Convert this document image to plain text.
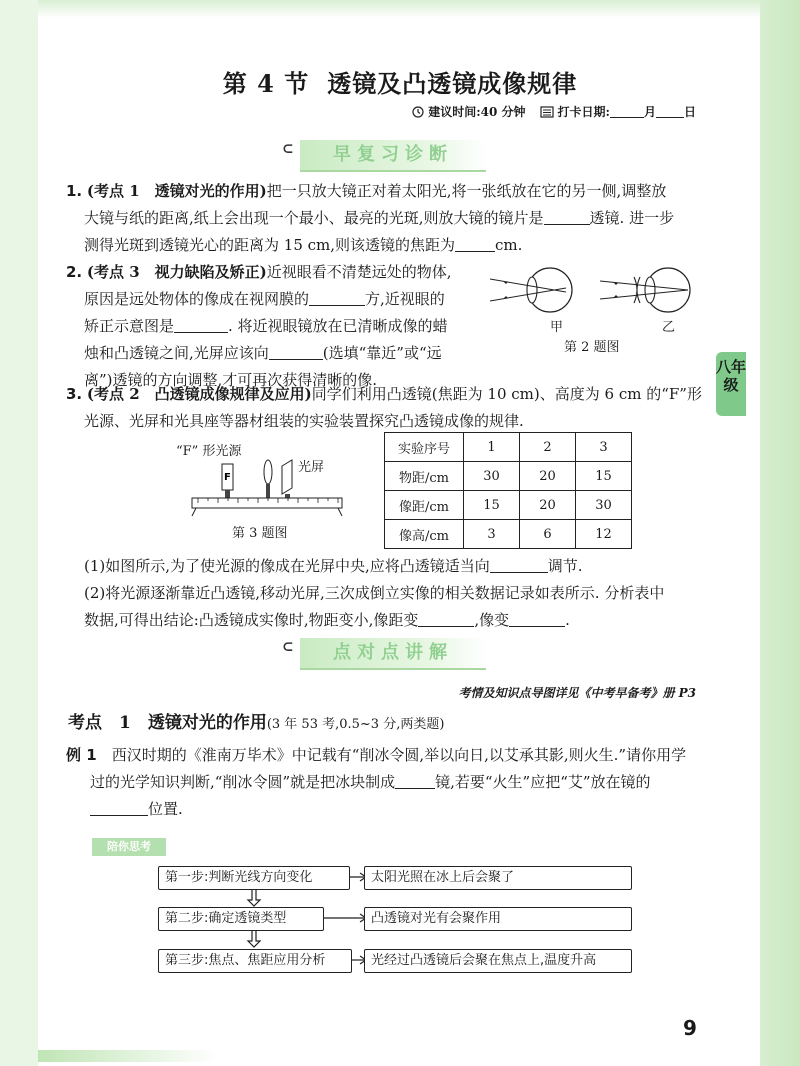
八年级
第 4 节 透镜及凸透镜成像规律
建议时间:40 分钟	打卡日期:	月 日
⊂ 早复习诊断
1. (考点 1　透镜对光的作用)把一只放大镜正对着太阳光,将一张纸放在它的另一侧,调整放
大镜与纸的距离,纸上会出现一个最小、最亮的光斑,则放大镜的镜片是	透镜. 进一步
测得光斑到透镜光心的距离为 15 cm,则该透镜的焦距为	cm.
2. (考点 3　视力缺陷及矫正)近视眼看不清楚远处的物体,
原因是远处物体的像成在视网膜的	方,近视眼的
矫正示意图是	. 将近视眼镜放在已清晰成像的蜡
烛和凸透镜之间,光屏应该向	(选填“靠近”或“远
离”)透镜的方向调整,才可再次获得清晰的像.
甲	乙
第 2 题图
3. (考点 2　凸透镜成像规律及应用)同学们利用凸透镜(焦距为 10 cm)、高度为 6 cm 的“F”形
光源、光屏和光具座等器材组装的实验装置探究凸透镜成像的规律.
“F” 形光源
光屏
F
第 3 题图
实验序号	1	2	3
物距/cm	30	20	15
像距/cm	15	20	30
像高/cm	3	6	12
(1)如图所示,为了使光源的像成在光屏中央,应将凸透镜适当向	调节.
(2)将光源逐渐靠近凸透镜,移动光屏,三次成倒立实像的相关数据记录如表所示. 分析表中
数据,可得出结论:凸透镜成实像时,物距变小,像距变	,像变	.
⊂ 点对点讲解
考情及知识点导图详见《中考早备考》册 P3
考点　1　透镜对光的作用(3 年 53 考,0.5~3 分,两类题)
例 1　 西汉时期的《淮南万毕术》中记载有“削冰令圆,举以向日,以艾承其影,则火生.”请你用学
过的光学知识判断,“削冰令圆”就是把冰块制成	镜,若要“火生”应把“艾”放在镜的
位置.
陪你思考
第一步:判断光线方向变化	太阳光照在冰上后会聚了
第二步:确定透镜类型	凸透镜对光有会聚作用
第三步:焦点、焦距应用分析	光经过凸透镜后会聚在焦点上,温度升高
9
